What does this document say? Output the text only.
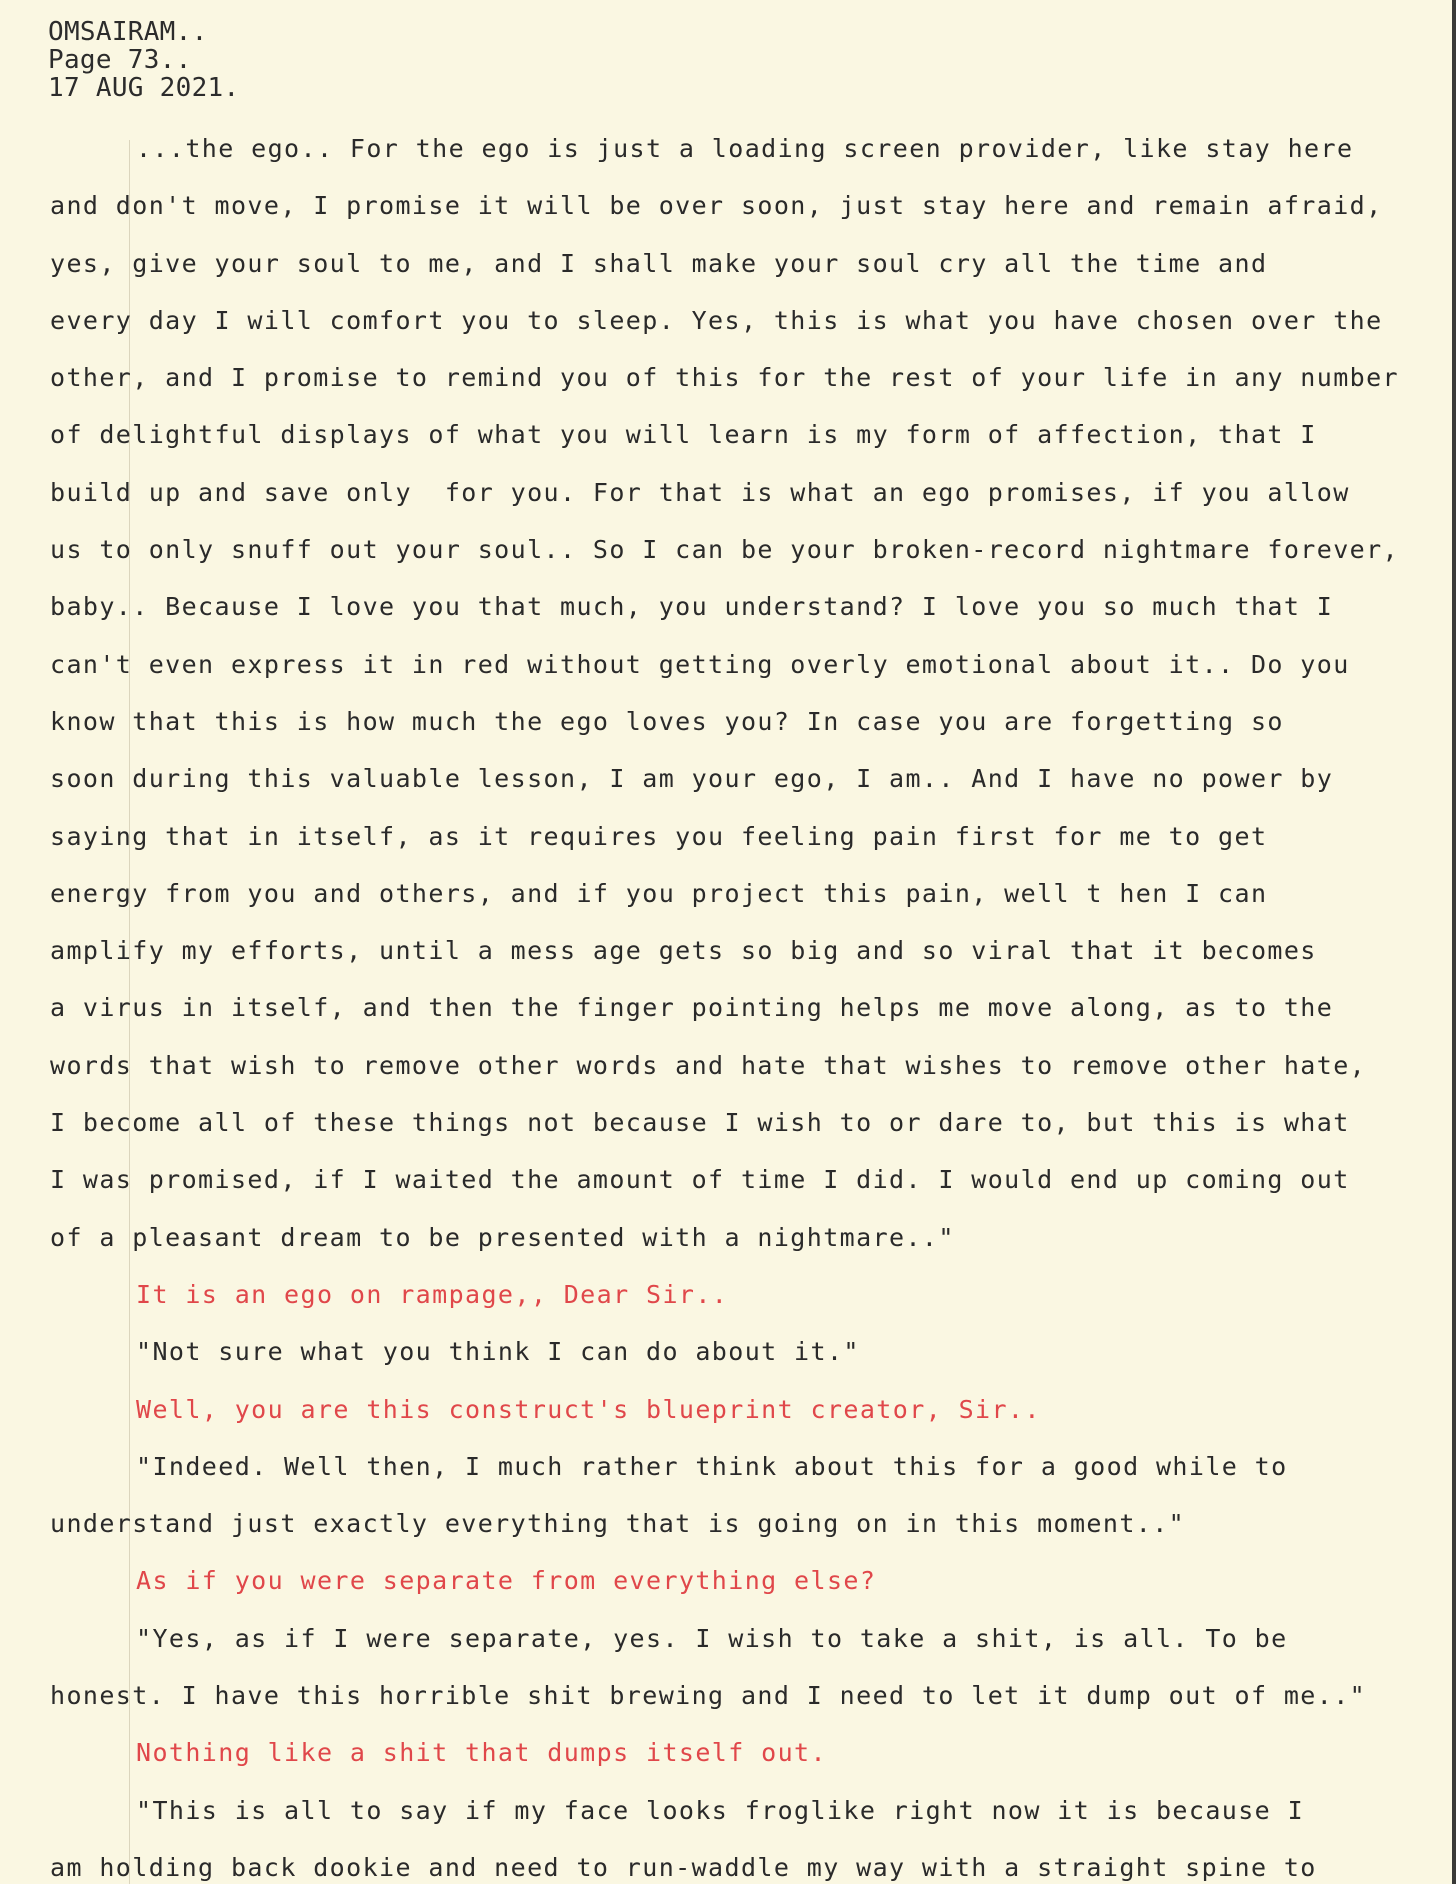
OMSAIRAM..
Page 73..
17 AUG 2021.
...the ego.. For the ego is just a loading screen provider, like stay here
and don't move, I promise it will be over soon, just stay here and remain afraid,
yes, give your soul to me, and I shall make your soul cry all the time and
every day I will comfort you to sleep. Yes, this is what you have chosen over the
other, and I promise to remind you of this for the rest of your life in any number
of delightful displays of what you will learn is my form of affection, that I
build up and save only  for you. For that is what an ego promises, if you allow
us to only snuff out your soul.. So I can be your broken-record nightmare forever,
baby.. Because I love you that much, you understand? I love you so much that I
can't even express it in red without getting overly emotional about it.. Do you
know that this is how much the ego loves you? In case you are forgetting so
soon during this valuable lesson, I am your ego, I am.. And I have no power by
saying that in itself, as it requires you feeling pain first for me to get
energy from you and others, and if you project this pain, well t hen I can
amplify my efforts, until a mess age gets so big and so viral that it becomes
a virus in itself, and then the finger pointing helps me move along, as to the
words that wish to remove other words and hate that wishes to remove other hate,
I become all of these things not because I wish to or dare to, but this is what
I was promised, if I waited the amount of time I did. I would end up coming out
of a pleasant dream to be presented with a nightmare.."
It is an ego on rampage,, Dear Sir..
"Not sure what you think I can do about it."
Well, you are this construct's blueprint creator, Sir..
"Indeed. Well then, I much rather think about this for a good while to
understand just exactly everything that is going on in this moment.."
As if you were separate from everything else?
"Yes, as if I were separate, yes. I wish to take a shit, is all. To be
honest. I have this horrible shit brewing and I need to let it dump out of me.."
Nothing like a shit that dumps itself out.
"This is all to say if my face looks froglike right now it is because I
am holding back dookie and need to run-waddle my way with a straight spine to
